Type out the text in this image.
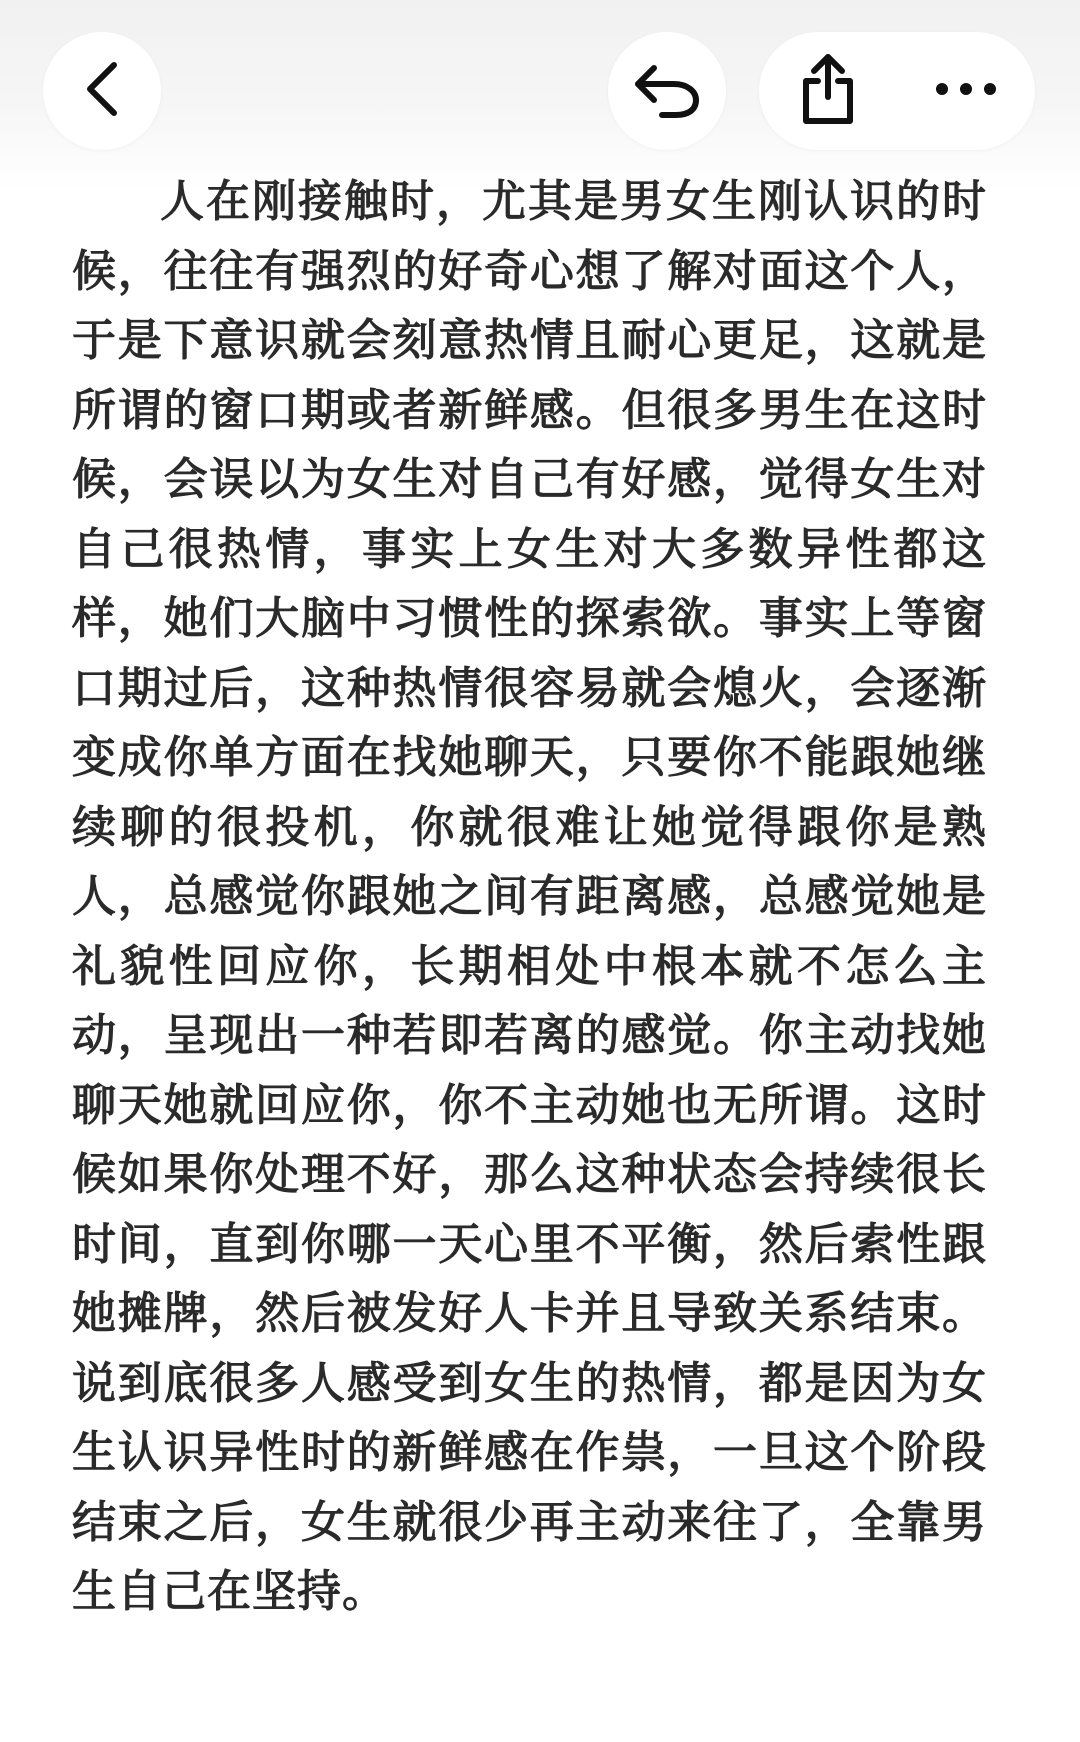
人在刚接触时，尤其是男女生刚认识的时候，往往有强烈的好奇心想了解对面这个人，于是下意识就会刻意热情且耐心更足，这就是所谓的窗口期或者新鲜感。但很多男生在这时候，会误以为女生对自己有好感，觉得女生对自己很热情，事实上女生对大多数异性都这样，她们大脑中习惯性的探索欲。事实上等窗口期过后，这种热情很容易就会熄火，会逐渐变成你单方面在找她聊天，只要你不能跟她继续聊的很投机，你就很难让她觉得跟你是熟人，总感觉你跟她之间有距离感，总感觉她是礼貌性回应你，长期相处中根本就不怎么主动，呈现出一种若即若离的感觉。你主动找她聊天她就回应你，你不主动她也无所谓。这时候如果你处理不好，那么这种状态会持续很长时间，直到你哪一天心里不平衡，然后索性跟她摊牌，然后被发好人卡并且导致关系结束。说到底很多人感受到女生的热情，都是因为女生认识异性时的新鲜感在作祟，一旦这个阶段结束之后，女生就很少再主动来往了，全靠男生自己在坚持。
